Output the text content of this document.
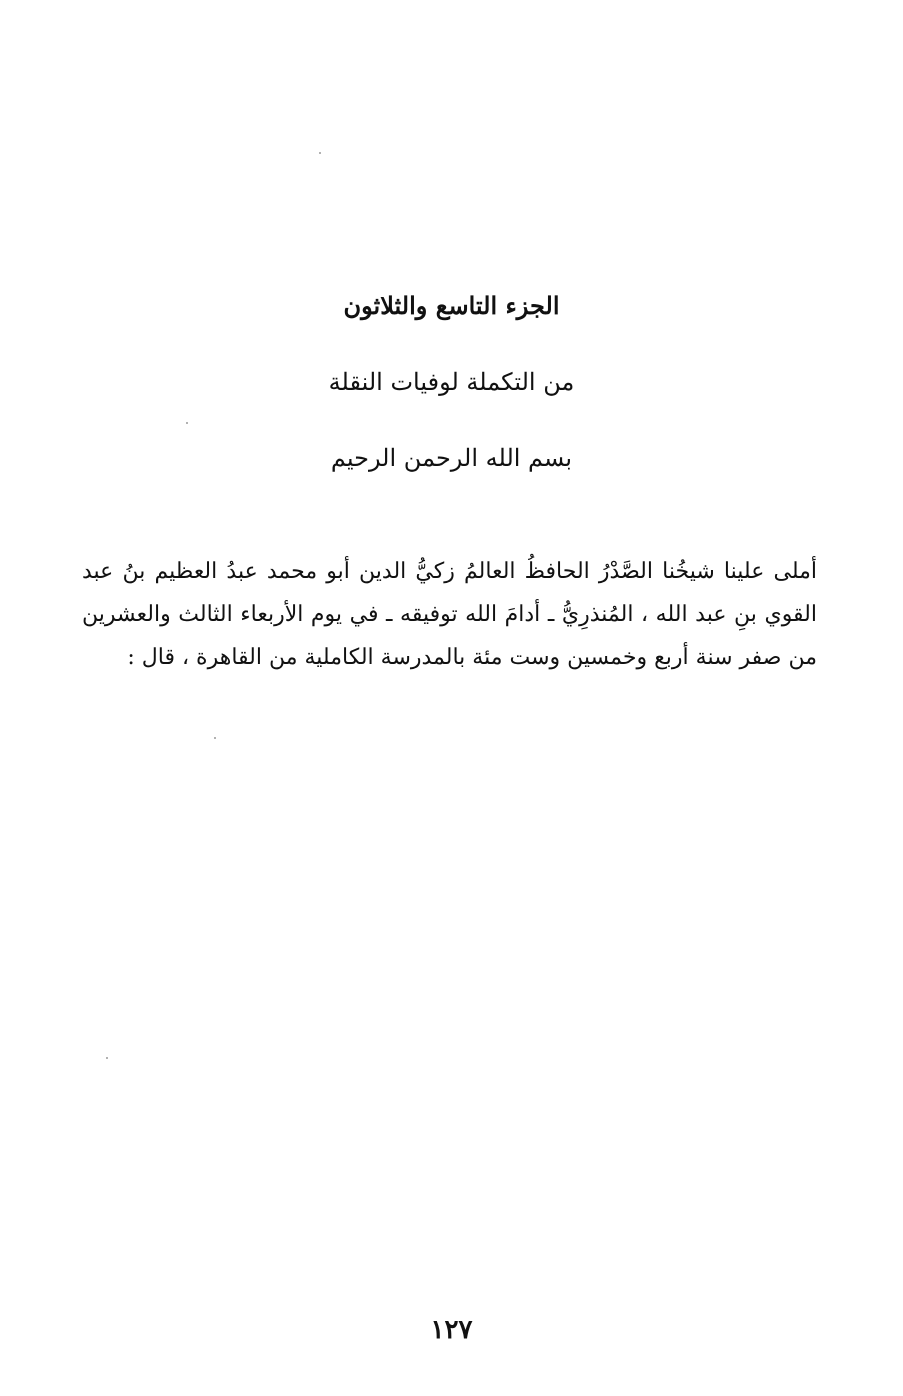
الجزء التاسع والثلاثون
من التكملة لوفيات النقلة
بسم الله الرحمن الرحيم
أملى علينا شيخُنا الصَّدْرُ الحافظُ العالمُ زكيُّ الدين أبو محمد عبدُ العظيم بنُ عبد
القوي بنِ عبد الله ، المُنذرِيُّ ـ أدامَ الله توفيقه ـ في يوم الأربعاء الثالث والعشرين
من صفر سنة أربع وخمسين وست مئة بالمدرسة الكاملية من القاهرة ، قال :
١٢٧
